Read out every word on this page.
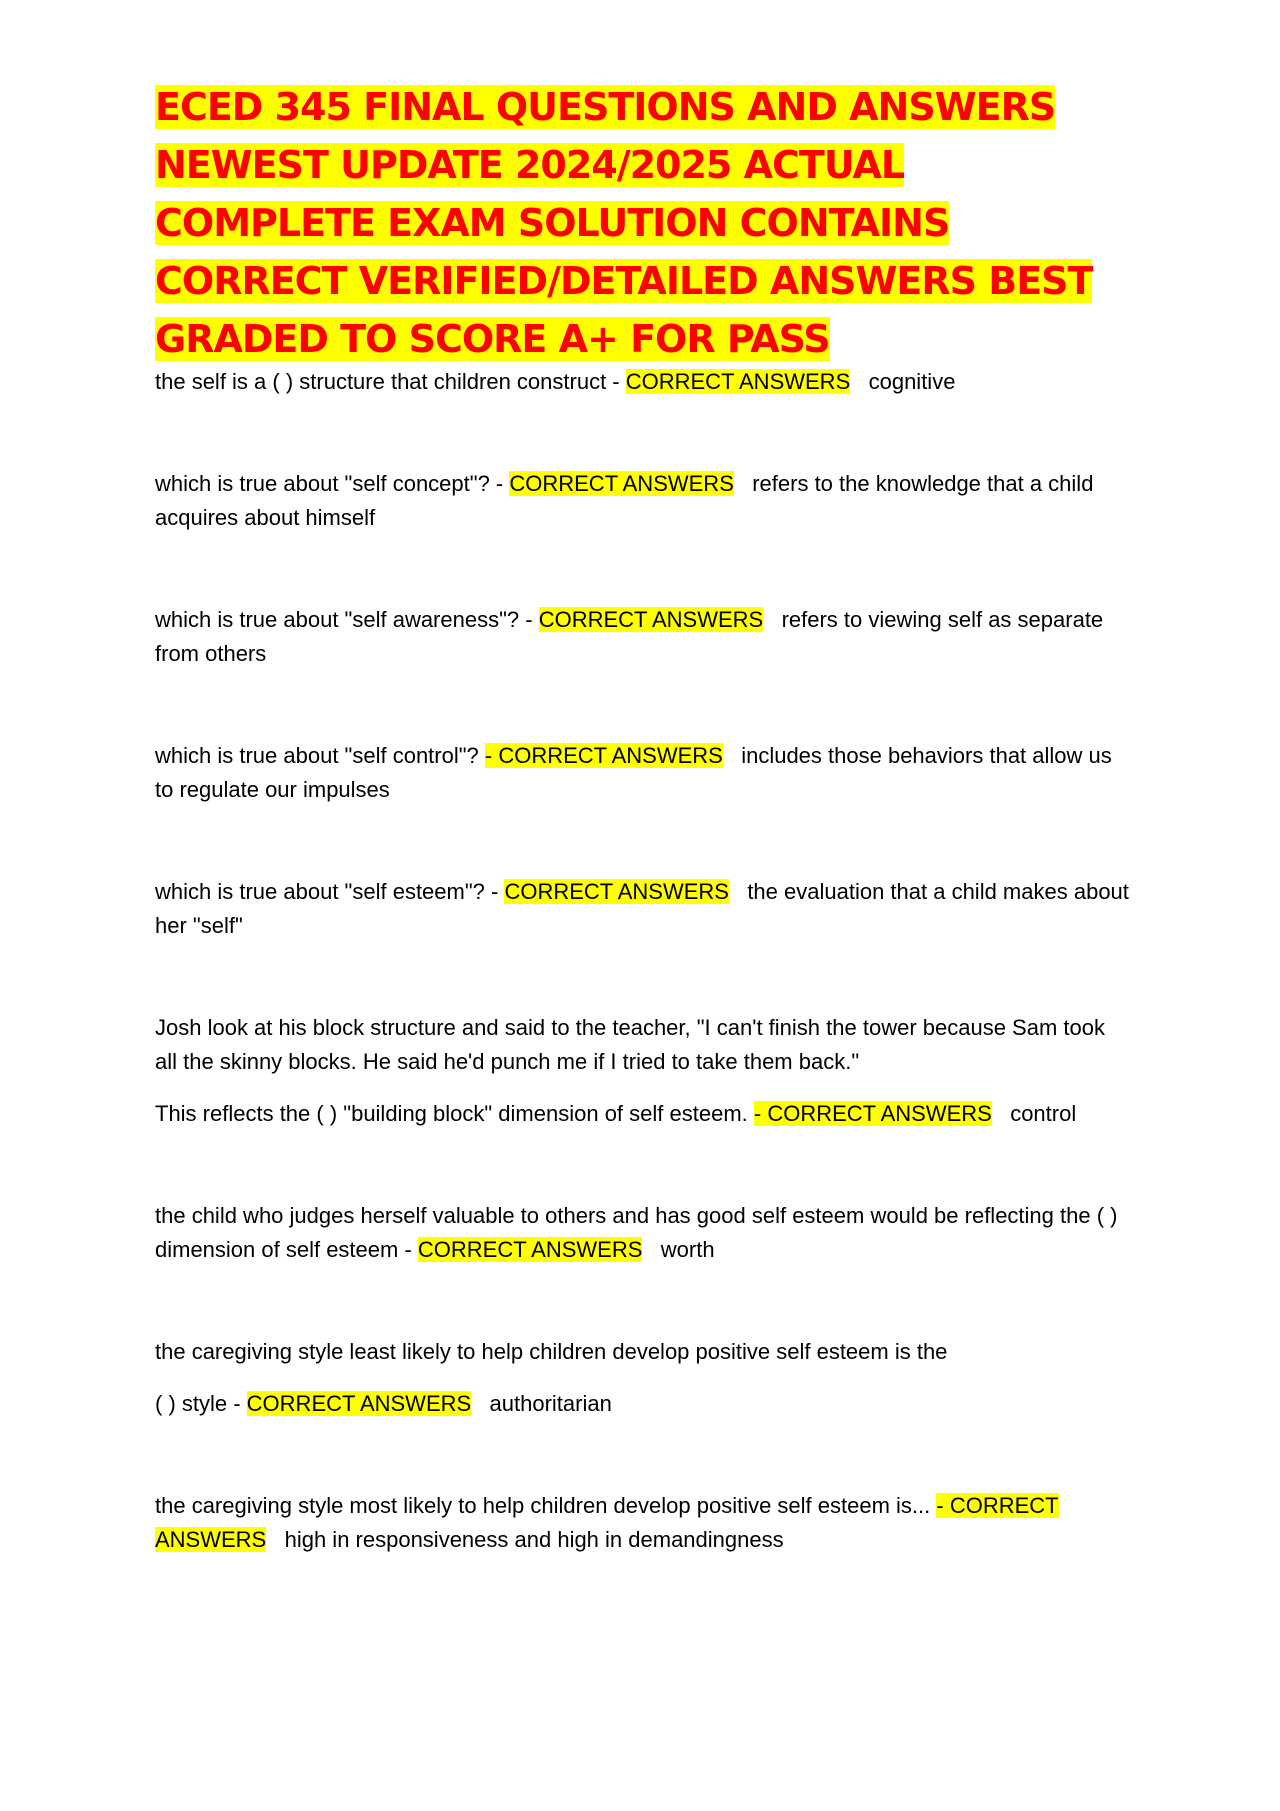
ECED 345 FINAL QUESTIONS AND ANSWERS NEWEST UPDATE 2024/2025 ACTUAL COMPLETE EXAM SOLUTION CONTAINS CORRECT VERIFIED/DETAILED ANSWERS BEST GRADED TO SCORE A+ FOR PASS

the self is a ( ) structure that children construct - CORRECT ANSWERS cognitive

which is true about "self concept"? - CORRECT ANSWERS refers to the knowledge that a child acquires about himself

which is true about "self awareness"? - CORRECT ANSWERS refers to viewing self as separate from others

which is true about "self control"? - CORRECT ANSWERS includes those behaviors that allow us to regulate our impulses

which is true about "self esteem"? - CORRECT ANSWERS the evaluation that a child makes about her "self"

Josh look at his block structure and said to the teacher, "I can't finish the tower because Sam took all the skinny blocks. He said he'd punch me if I tried to take them back."

This reflects the ( ) "building block" dimension of self esteem. - CORRECT ANSWERS control

the child who judges herself valuable to others and has good self esteem would be reflecting the ( ) dimension of self esteem - CORRECT ANSWERS worth

the caregiving style least likely to help children develop positive self esteem is the

( ) style - CORRECT ANSWERS authoritarian

the caregiving style most likely to help children develop positive self esteem is... - CORRECT ANSWERS high in responsiveness and high in demandingness
